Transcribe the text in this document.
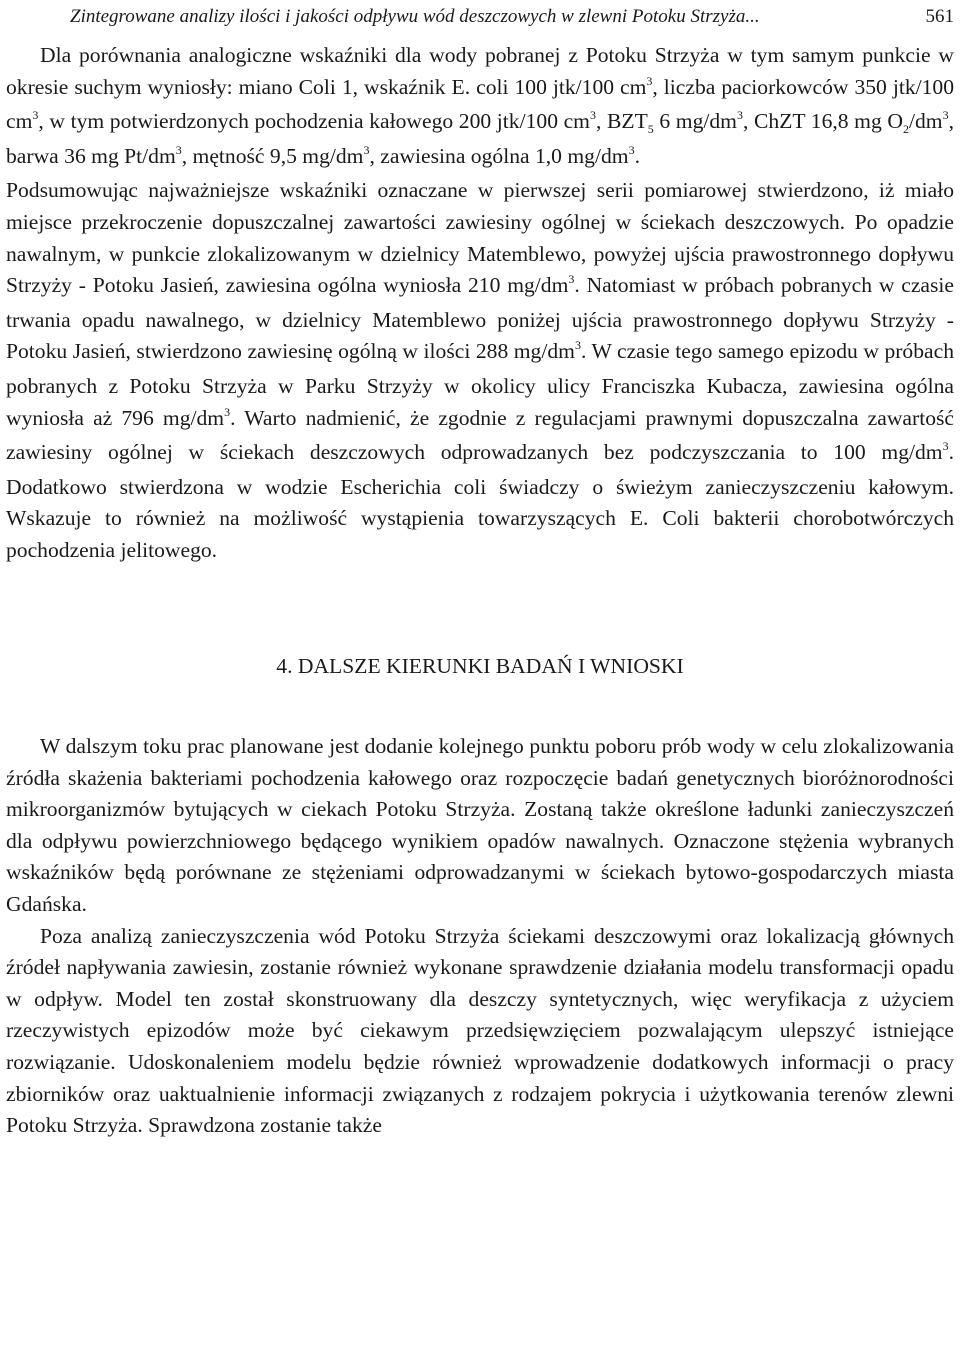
Zintegrowane analizy ilości i jakości odpływu wód deszczowych w zlewni Potoku Strzyża...	561

Dla porównania analogiczne wskaźniki dla wody pobranej z Potoku Strzyża w tym samym punkcie w okresie suchym wyniosły: miano Coli 1, wskaźnik E. coli 100 jtk/100 $cm^3$, liczba paciorkowców 350 jtk/100 $cm^3$, w tym potwierdzonych pochodzenia kałowego 200 jtk/100 $cm^3$, $BZT_5$ 6 $mg/dm^3$, ChZT 16,8 mg $O_2/dm^3$, barwa 36 mg $Pt/dm^3$, mętność 9,5 $mg/dm^3$, zawiesina ogólna 1,0 $mg/dm^3$.

Podsumowując najważniejsze wskaźniki oznaczane w pierwszej serii pomiarowej stwierdzono, iż miało miejsce przekroczenie dopuszczalnej zawartości zawiesiny ogólnej w ściekach deszczowych. Po opadzie nawalnym, w punkcie zlokalizowanym w dzielnicy Matemblewo, powyżej ujścia prawostronnego dopływu Strzyży - Potoku Jasień, zawiesina ogólna wyniosła 210 $mg/dm^3$. Natomiast w próbach pobranych w czasie trwania opadu nawalnego, w dzielnicy Matemblewo poniżej ujścia prawostronnego dopływu Strzyży - Potoku Jasień, stwierdzono zawiesinę ogólną w ilości 288 $mg/dm^3$. W czasie tego samego epizodu w próbach pobranych z Potoku Strzyża w Parku Strzyży w okolicy ulicy Franciszka Kubacza, zawiesina ogólna wyniosła aż 796 $mg/dm^3$. Warto nadmienić, że zgodnie z regulacjami prawnymi dopuszczalna zawartość zawiesiny ogólnej w ściekach deszczowych odprowadzanych bez podczyszczania to 100 $mg/dm^3$. Dodatkowo stwierdzona w wodzie Escherichia coli świadczy o świeżym zanieczyszczeniu kałowym. Wskazuje to również na możliwość wystąpienia towarzyszących E. Coli bakterii chorobotwórczych pochodzenia jelitowego.

4. DALSZE KIERUNKI BADAŃ I WNIOSKI

W dalszym toku prac planowane jest dodanie kolejnego punktu poboru prób wody w celu zlokalizowania źródła skażenia bakteriami pochodzenia kałowego oraz rozpoczęcie badań genetycznych bioróżnorodności mikroorganizmów bytujących w ciekach Potoku Strzyża. Zostaną także określone ładunki zanieczyszczeń dla odpływu powierzchniowego będącego wynikiem opadów nawalnych. Oznaczone stężenia wybranych wskaźników będą porównane ze stężeniami odprowadzanymi w ściekach bytowo-gospodarczych miasta Gdańska.

Poza analizą zanieczyszczenia wód Potoku Strzyża ściekami deszczowymi oraz lokalizacją głównych źródeł napływania zawiesin, zostanie również wykonane sprawdzenie działania modelu transformacji opadu w odpływ. Model ten został skonstruowany dla deszczy syntetycznych, więc weryfikacja z użyciem rzeczywistych epizodów może być ciekawym przedsięwzięciem pozwalającym ulepszyć istniejące rozwiązanie. Udoskonaleniem modelu będzie również wprowadzenie dodatkowych informacji o pracy zbiorników oraz uaktualnienie informacji związanych z rodzajem pokrycia i użytkowania terenów zlewni Potoku Strzyża. Sprawdzona zostanie także
